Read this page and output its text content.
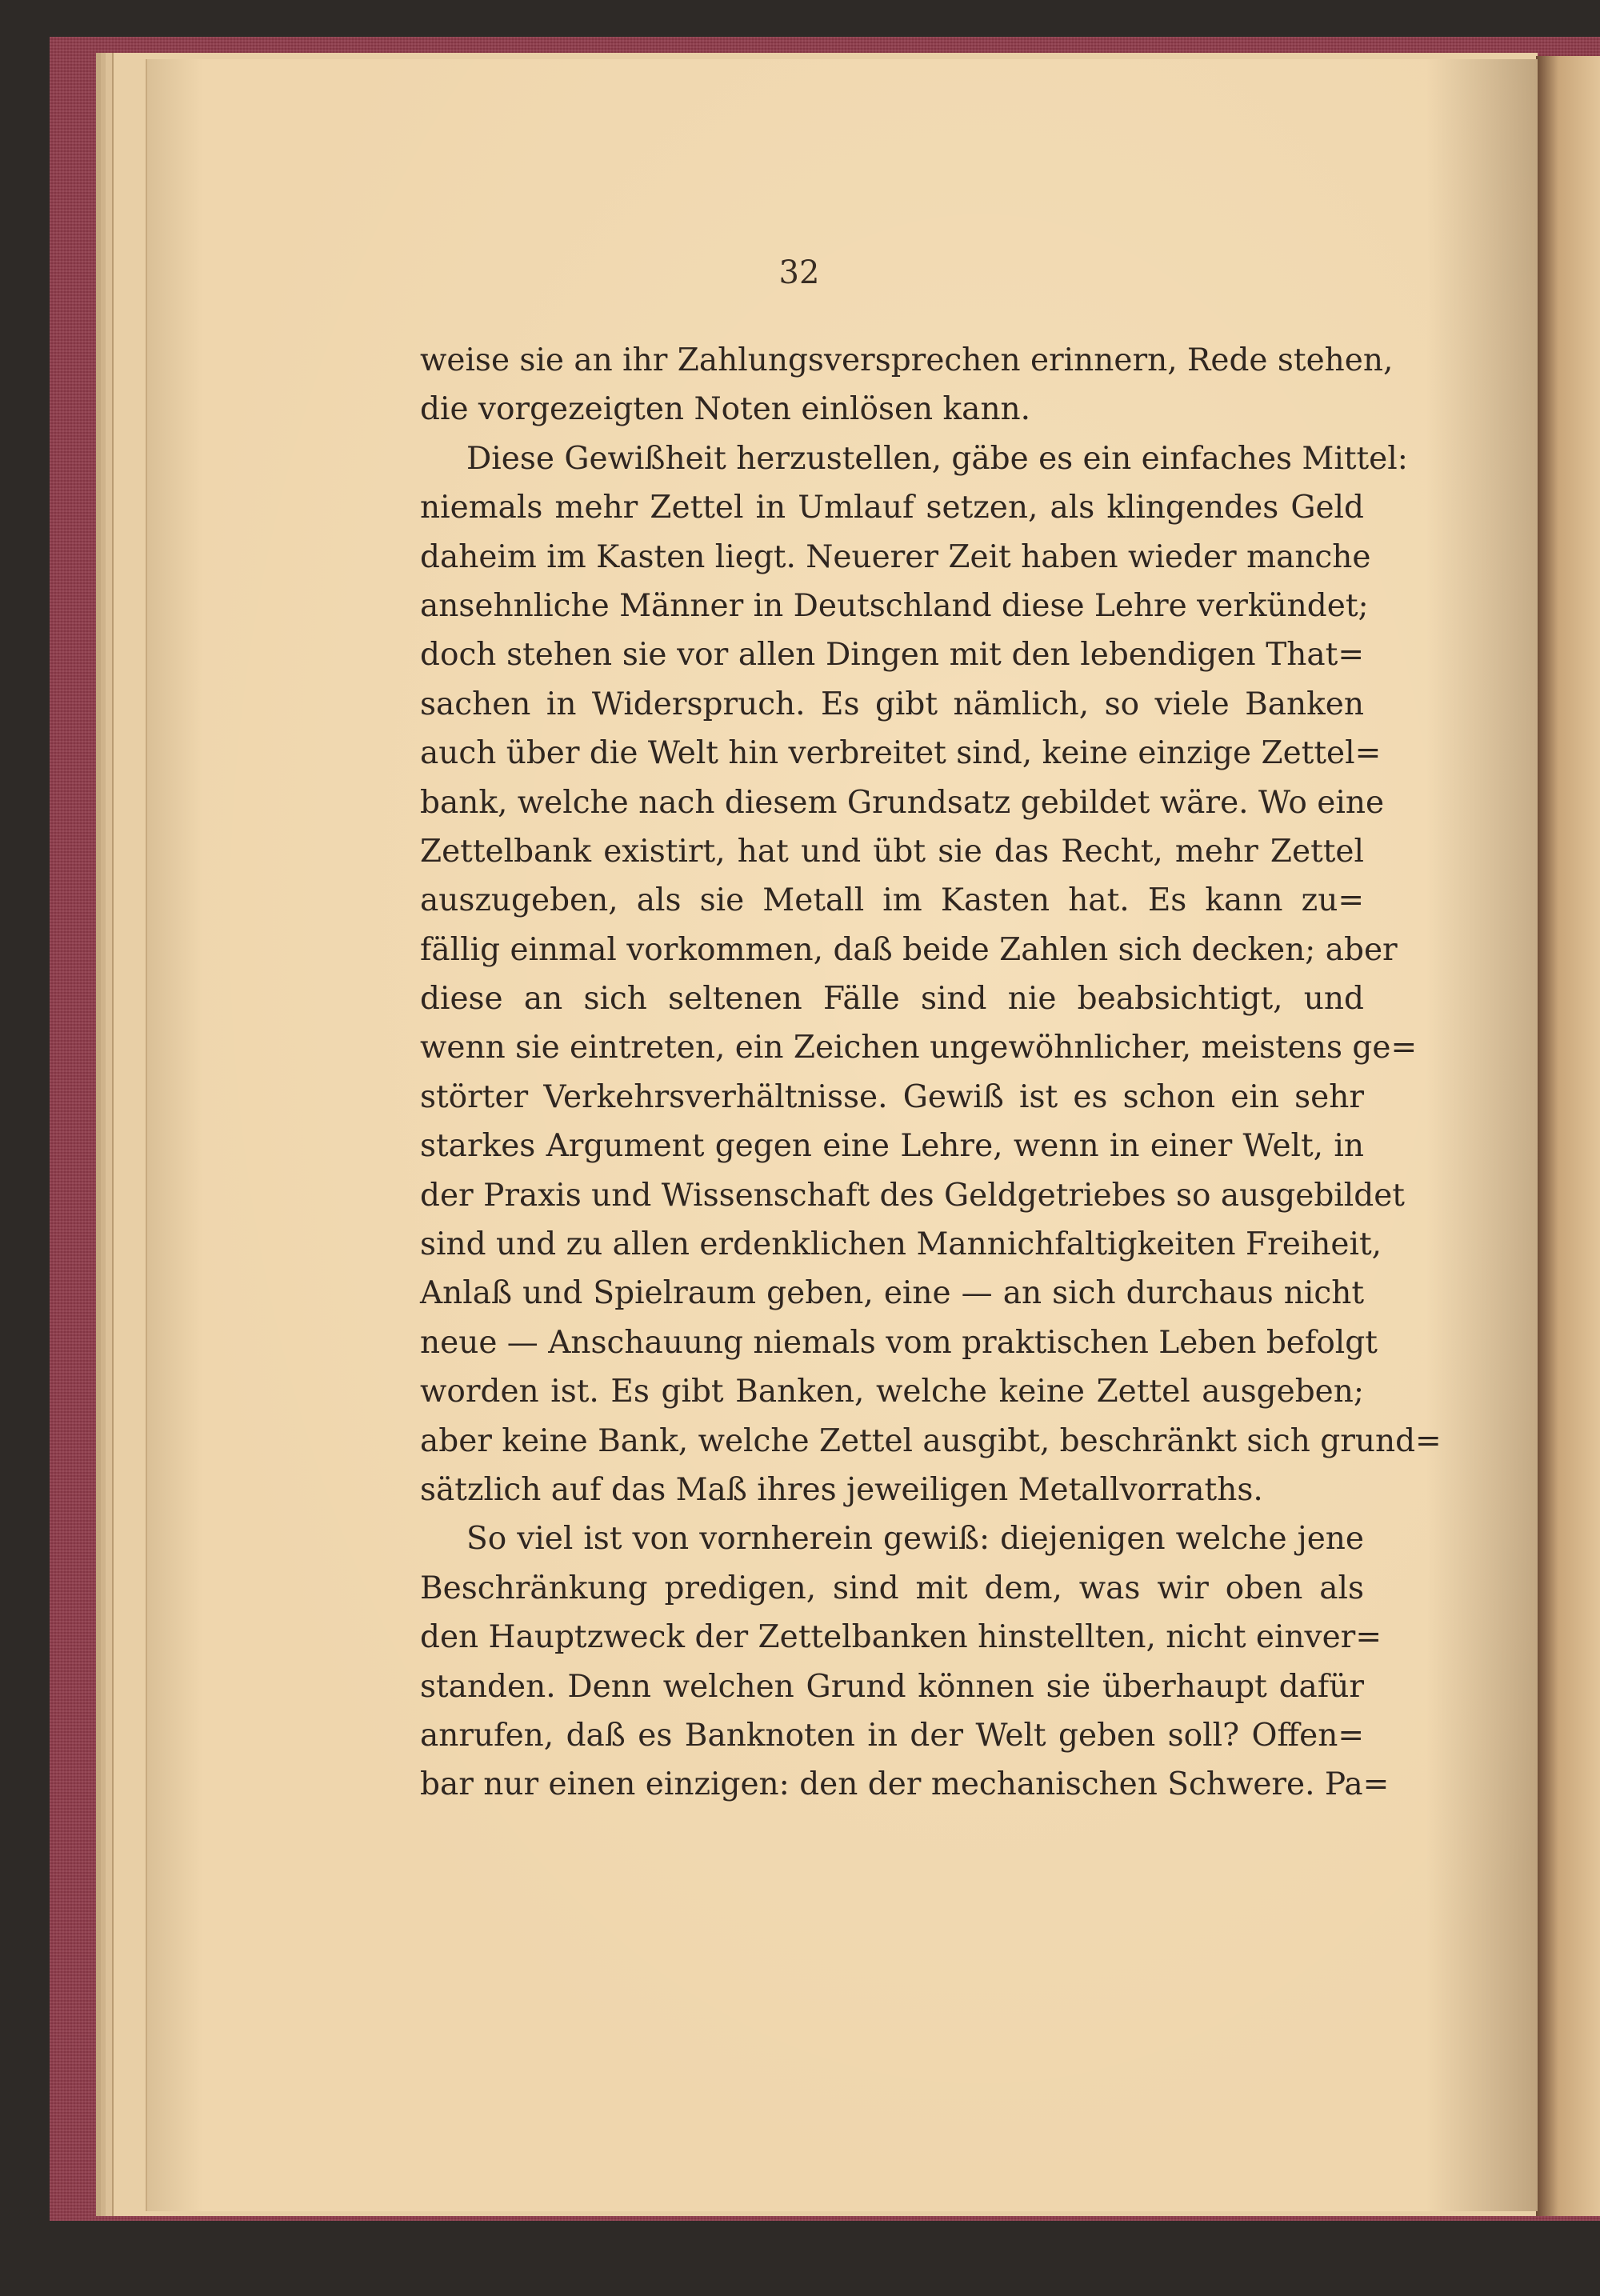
32
weise sie an ihr Zahlungsversprechen erinnern, Rede stehen,
die vorgezeigten Noten einlösen kann.
Diese Gewißheit herzustellen, gäbe es ein einfaches Mittel:
niemals mehr Zettel in Umlauf setzen, als klingendes Geld
daheim im Kasten liegt. Neuerer Zeit haben wieder manche
ansehnliche Männer in Deutschland diese Lehre verkündet;
doch stehen sie vor allen Dingen mit den lebendigen That=
sachen in Widerspruch. Es gibt nämlich, so viele Banken
auch über die Welt hin verbreitet sind, keine einzige Zettel=
bank, welche nach diesem Grundsatz gebildet wäre. Wo eine
Zettelbank existirt, hat und übt sie das Recht, mehr Zettel
auszugeben, als sie Metall im Kasten hat. Es kann zu=
fällig einmal vorkommen, daß beide Zahlen sich decken; aber
diese an sich seltenen Fälle sind nie beabsichtigt, und
wenn sie eintreten, ein Zeichen ungewöhnlicher, meistens ge=
störter Verkehrsverhältnisse. Gewiß ist es schon ein sehr
starkes Argument gegen eine Lehre, wenn in einer Welt, in
der Praxis und Wissenschaft des Geldgetriebes so ausgebildet
sind und zu allen erdenklichen Mannichfaltigkeiten Freiheit,
Anlaß und Spielraum geben, eine — an sich durchaus nicht
neue — Anschauung niemals vom praktischen Leben befolgt
worden ist. Es gibt Banken, welche keine Zettel ausgeben;
aber keine Bank, welche Zettel ausgibt, beschränkt sich grund=
sätzlich auf das Maß ihres jeweiligen Metallvorraths.
So viel ist von vornherein gewiß: diejenigen welche jene
Beschränkung predigen, sind mit dem, was wir oben als
den Hauptzweck der Zettelbanken hinstellten, nicht einver=
standen. Denn welchen Grund können sie überhaupt dafür
anrufen, daß es Banknoten in der Welt geben soll? Offen=
bar nur einen einzigen: den der mechanischen Schwere. Pa=
